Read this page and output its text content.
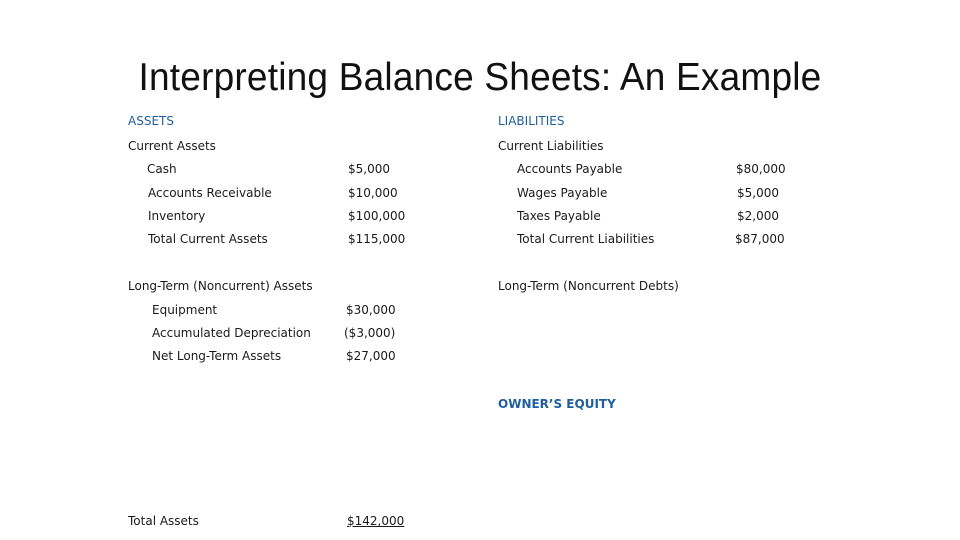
Interpreting Balance Sheets: An Example
ASSETS
Current Assets
Cash	$5,000
Accounts Receivable	$10,000
Inventory	$100,000
Total Current Assets	$115,000
Long-Term (Noncurrent) Assets
Equipment	$30,000
Accumulated Depreciation	($3,000)
Net Long-Term Assets	$27,000
Total Assets	$142,000
LIABILITIES
Current Liabilities
Accounts Payable	$80,000
Wages Payable	$5,000
Taxes Payable	$2,000
Total Current Liabilities	$87,000
Long-Term (Noncurrent Debts)
OWNER’S EQUITY
